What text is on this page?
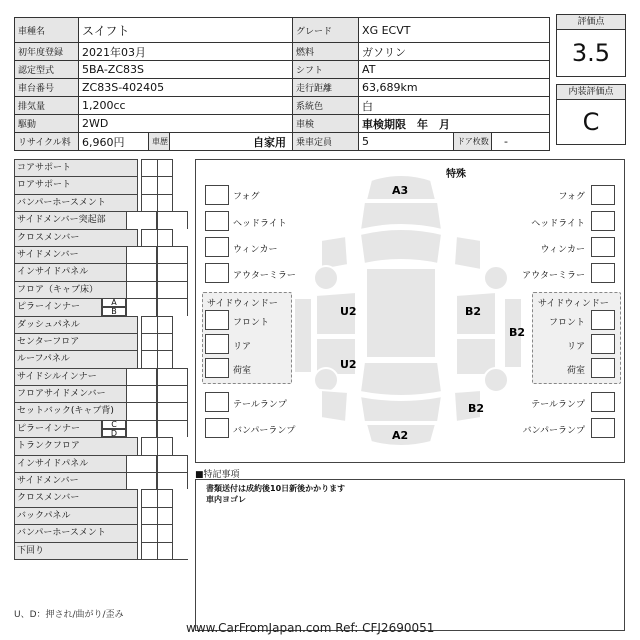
車種名	スイフト			グレード	XG ECVT		
初年度登録	2021年03月			燃料	ガソリン		
認定型式	5BA-ZC83S			シフト	AT		
車台番号	ZC83S-402405			走行距離	63,689km		
排気量	1,200cc			系統色	白		
駆動	2WD			車検	車検期限　年　月		
リサイクル料	6,960円	車歴	自家用	乗車定員	5	ドア枚数	-
評価点
3.5
内装評価点
C
コアサポート
ロアサポート
バンパーホースメント
サイドメンバー突起部
クロスメンバー
サイドメンバー
インサイドパネル
フロア（キャブ床）
ピラーインナー	A
B
ダッシュパネル
センターフロア
ルーフパネル
サイドシルインナー
フロアサイドメンバー
セットバック(キャブ背)
ピラーインナー	C
D
トランクフロア
インサイドパネル
サイドメンバー
クロスメンバー
バックパネル
バンパーホースメント
下回り
特殊
フォグ
ヘッドライト
ウィンカー
アウターミラー
フォグ
ヘッドライト
ウィンカー
アウターミラー
サイドウィンドー
フロント
リア
荷室
サイドウィンドー
フロント
リア
荷室
テールランプ
バンパーランプ
テールランプ
バンパーランプ
A3
A2
U2
U2
B2
B2
B2
■特記事項
書類送付は成約後10日新後かかります
車内ヨゴレ
U、D：押され/曲がり/歪み
www.CarFromJapan.com Ref: CFJ2690051
